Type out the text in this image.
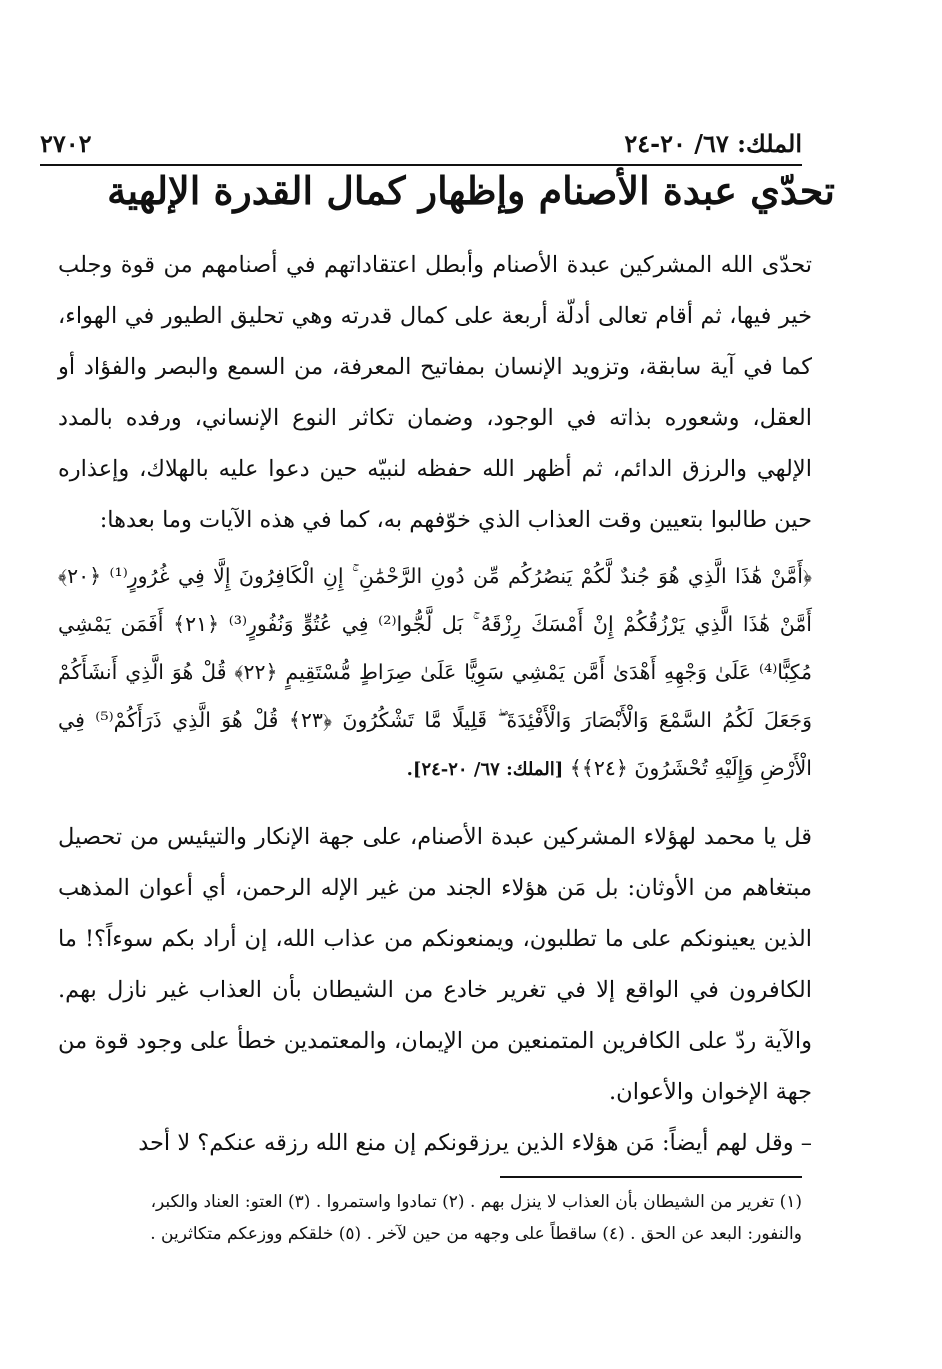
٢٧٠٢	الملك: ٦٧/ ٢٠-٢٤
تحدّي عبدة الأصنام وإظهار كمال القدرة الإلهية

تحدّى الله المشركين عبدة الأصنام وأبطل اعتقاداتهم في أصنامهم من قوة وجلب خير فيها، ثم أقام تعالى أدلّة أربعة على كمال قدرته وهي تحليق الطيور في الهواء، كما في آية سابقة، وتزويد الإنسان بمفاتيح المعرفة، من السمع والبصر والفؤاد أو العقل، وشعوره بذاته في الوجود، وضمان تكاثر النوع الإنساني، ورفده بالمدد الإلهي والرزق الدائم، ثم أظهر الله حفظه لنبيّه حين دعوا عليه بالهلاك، وإعذاره حين طالبوا بتعيين وقت العذاب الذي خوّفهم به، كما في هذه الآيات وما بعدها:

﴿أَمَّنْ هَٰذَا الَّذِي هُوَ جُندٌ لَّكُمْ يَنصُرُكُم مِّن دُونِ الرَّحْمَٰنِ ۚ إِنِ الْكَافِرُونَ إِلَّا فِي غُرُورٍ⁽¹⁾ ﴿٢٠﴾ أَمَّنْ هَٰذَا الَّذِي يَرْزُقُكُمْ إِنْ أَمْسَكَ رِزْقَهُ ۚ بَل لَّجُّوا⁽²⁾ فِي عُتُوٍّ وَنُفُورٍ⁽³⁾ ﴿٢١﴾ أَفَمَن يَمْشِي مُكِبًّا⁽⁴⁾ عَلَىٰ وَجْهِهِ أَهْدَىٰ أَمَّن يَمْشِي سَوِيًّا عَلَىٰ صِرَاطٍ مُّسْتَقِيمٍ ﴿٢٢﴾ قُلْ هُوَ الَّذِي أَنشَأَكُمْ وَجَعَلَ لَكُمُ السَّمْعَ وَالْأَبْصَارَ وَالْأَفْئِدَةَ ۖ قَلِيلًا مَّا تَشْكُرُونَ ﴿٢٣﴾ قُلْ هُوَ الَّذِي ذَرَأَكُمْ⁽⁵⁾ فِي الْأَرْضِ وَإِلَيْهِ تُحْشَرُونَ ﴿٢٤﴾﴾ [الملك: ٦٧/ ٢٠-٢٤].

قل يا محمد لهؤلاء المشركين عبدة الأصنام، على جهة الإنكار والتيئيس من تحصيل مبتغاهم من الأوثان: بل مَن هؤلاء الجند من غير الإله الرحمن، أي أعوان المذهب الذين يعينونكم على ما تطلبون، ويمنعونكم من عذاب الله، إن أراد بكم سوءاً؟! ما الكافرون في الواقع إلا في تغرير خادع من الشيطان بأن العذاب غير نازل بهم. والآية ردّ على الكافرين المتمنعين من الإيمان، والمعتمدين خطأ على وجود قوة من جهة الإخوان والأعوان.

– وقل لهم أيضاً: مَن هؤلاء الذين يرزقونكم إن منع الله رزقه عنكم؟ لا أحد

(١) تغرير من الشيطان بأن العذاب لا ينزل بهم . (٢) تمادوا واستمروا . (٣) العتو: العناد والكبر،
والنفور: البعد عن الحق . (٤) ساقطاً على وجهه من حين لآخر . (٥) خلقكم ووزعكم متكاثرين .
